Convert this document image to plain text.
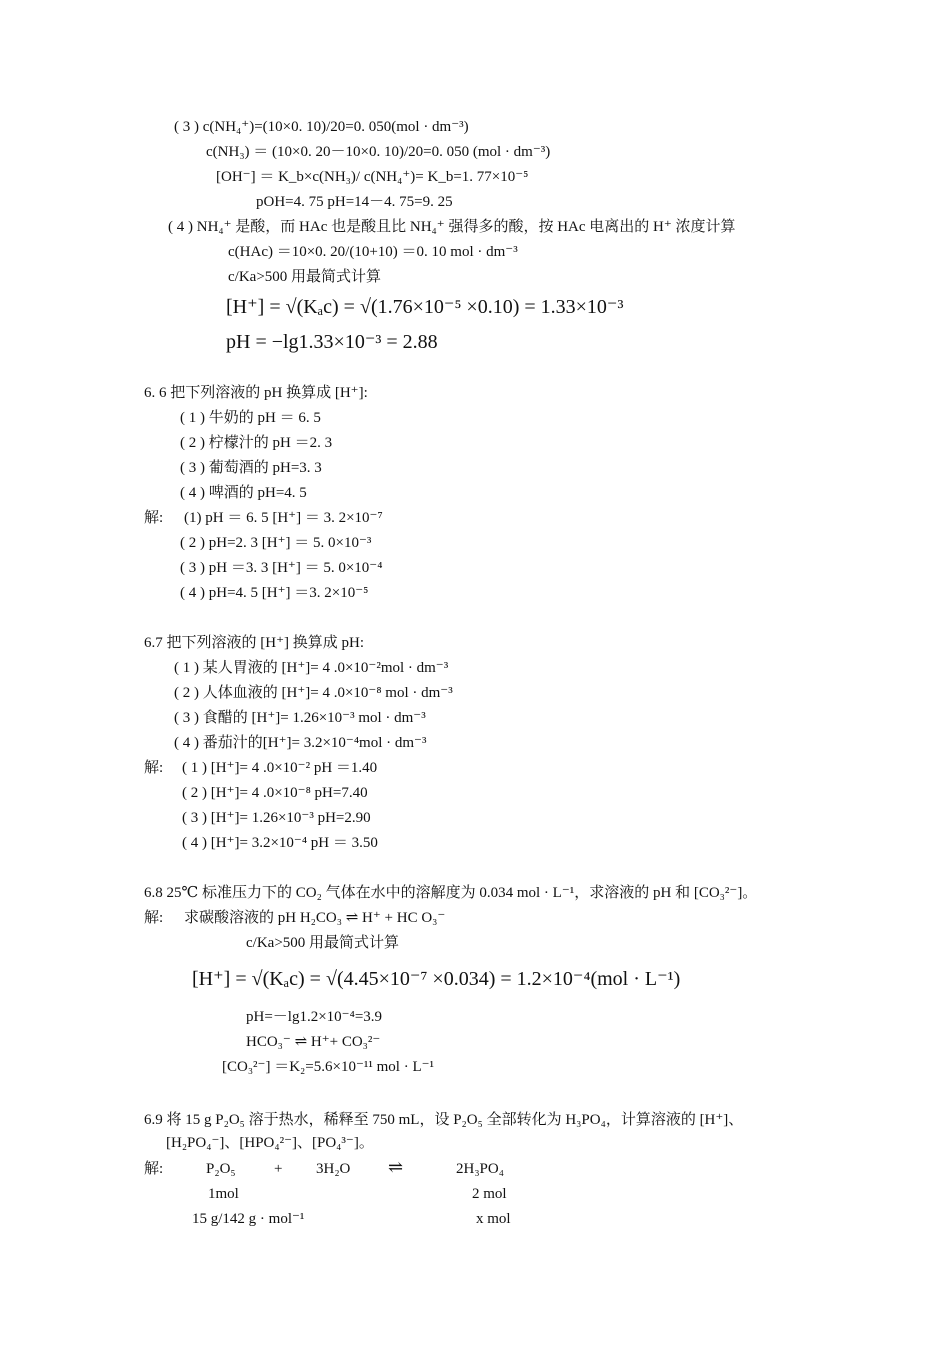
( 3 ) c(NH₄⁺)=(10×0. 10)/20=0. 050(mol · dm⁻³)
c(NH₃) ＝ (10×0. 20－10×0. 10)/20=0. 050 (mol · dm⁻³)
[OH⁻] ＝ K_b×c(NH₃)/ c(NH₄⁺)= K_b=1. 77×10⁻⁵
pOH=4. 75 pH=14－4. 75=9. 25
( 4 ) NH₄⁺ 是酸，而 HAc 也是酸且比 NH₄⁺ 强得多的酸，按 HAc 电离出的 H⁺ 浓度计算
c(HAc) ＝10×0. 20/(10+10) ＝0. 10 mol · dm⁻³
c/Ka>500 用最简式计算
[H⁺] = √(Kₐc) = √(1.76×10⁻⁵ ×0.10) = 1.33×10⁻³
pH = −lg1.33×10⁻³ = 2.88
6. 6 把下列溶液的 pH 换算成 [H⁺]:
( 1 ) 牛奶的 pH ＝ 6. 5
( 2 ) 柠檬汁的 pH ＝2. 3
( 3 ) 葡萄酒的 pH=3. 3
( 4 ) 啤酒的 pH=4. 5
解: (1) pH ＝ 6. 5 [H⁺] ＝ 3. 2×10⁻⁷
( 2 ) pH=2. 3 [H⁺] ＝ 5. 0×10⁻³
( 3 ) pH ＝3. 3 [H⁺] ＝ 5. 0×10⁻⁴
( 4 ) pH=4. 5 [H⁺] ＝3. 2×10⁻⁵
6.7 把下列溶液的 [H⁺] 换算成 pH:
( 1 ) 某人胃液的 [H⁺]= 4 .0×10⁻²mol · dm⁻³
( 2 ) 人体血液的 [H⁺]= 4 .0×10⁻⁸ mol · dm⁻³
( 3 ) 食醋的 [H⁺]= 1.26×10⁻³ mol · dm⁻³
( 4 ) 番茄汁的[H⁺]= 3.2×10⁻⁴mol · dm⁻³
解: ( 1 ) [H⁺]= 4 .0×10⁻² pH ＝1.40
( 2 ) [H⁺]= 4 .0×10⁻⁸ pH=7.40
( 3 ) [H⁺]= 1.26×10⁻³ pH=2.90
( 4 ) [H⁺]= 3.2×10⁻⁴ pH ＝ 3.50
6.8 25℃ 标准压力下的 CO₂ 气体在水中的溶解度为 0.034 mol · L⁻¹，求溶液的 pH 和 [CO₃²⁻]。
解: 求碳酸溶液的 pH H₂CO₃ ⇌ H⁺ + HC O₃⁻
c/Ka>500 用最简式计算
[H⁺] = √(Kₐc) = √(4.45×10⁻⁷ ×0.034) = 1.2×10⁻⁴(mol · L⁻¹)
pH=－lg1.2×10⁻⁴=3.9
HCO₃⁻ ⇌ H⁺+ CO₃²⁻
[CO₃²⁻] ＝K₂=5.6×10⁻¹¹ mol · L⁻¹
6.9 将 15 g P₂O₅ 溶于热水，稀释至 750 mL，设 P₂O₅ 全部转化为 H₃PO₄，计算溶液的 [H⁺]、
[H₂PO₄⁻]、[HPO₄²⁻]、[PO₄³⁻]。
解:	P₂O₅	+ 3H₂O ⇌	2H₃PO₄
1mol	2 mol
15 g/142 g · mol⁻¹	x mol
